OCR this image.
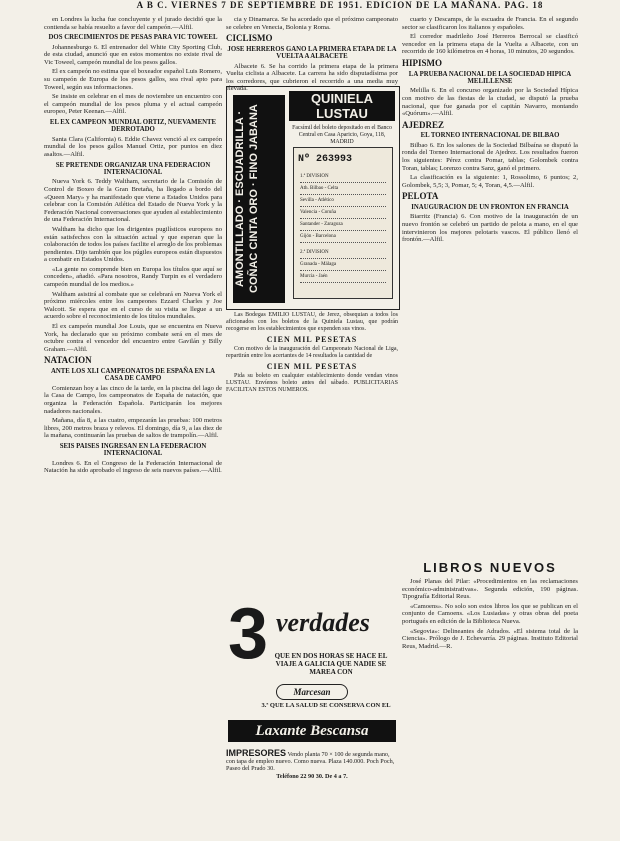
A B C. VIERNES 7 DE SEPTIEMBRE DE 1951. EDICION DE LA MAÑANA. PAG. 18

en Londres la lucha fue concluyente y el jurado decidió que la contienda se había resuelto a favor del campeón.—Alfil.

DOS CRECIMIENTOS DE PESAS PARA VIC TOWEEL

Johannesburgo 6. El entrenador del White City Sporting Club, de esta ciudad, anunció que en estos momentos no existe rival de Vic Toweel, campeón mundial de los pesos gallos.

El ex campeón no estima que el boxeador español Luis Romero, su campeón de Europa de los pesos gallos, sea rival apto para Toweel, según sus informaciones.

Se insiste en celebrar en el mes de noviembre un encuentro con el campeón mundial de los pesos pluma y el actual campeón europeo, Peter Keenan.—Alfil.

EL EX CAMPEON MUNDIAL ORTIZ, NUEVAMENTE DERROTADO

Santa Clara (California) 6. Eddie Chavez venció al ex campeón mundial de los pesos gallos Manuel Ortiz, por puntos en diez asaltos.—Alfil.

SE PRETENDE ORGANIZAR UNA FEDERACION INTERNACIONAL

Nueva York 6. Teddy Waltham, secretario de la Comisión de Control de Boxeo de la Gran Bretaña, ha llegado a bordo del «Queen Mary» y ha manifestado que viene a Estados Unidos para celebrar con la Comisión Atlética del Estado de Nueva York y la Federación Nacional conversaciones que ayuden al establecimiento de una Federación Internacional.

Waltham ha dicho que los dirigentes pugilísticos europeos no están satisfechos con la situación actual y que esperan que la colaboración de todos los países facilite el arreglo de los problemas pendientes. Dijo también que los púgiles europeos están dispuestos a combatir en Estados Unidos.

«La gente no comprende bien en Europa los títulos que aquí se conceden», añadió. «Para nosotros, Randy Turpin es el verdadero campeón mundial de los medios.»

Waltham asistirá al combate que se celebrará en Nueva York el próximo miércoles entre los campeones Ezzard Charles y Joe Walcott. Se espera que en el curso de su visita se llegue a un acuerdo sobre el reconocimiento de los títulos mundiales.

El ex campeón mundial Joe Louis, que se encuentra en Nueva York, ha declarado que su próximo combate será en el mes de octubre contra el vencedor del encuentro entre Gavilán y Billy Graham.—Alfil.

NATACION
ANTE LOS XLI CAMPEONATOS DE ESPAÑA EN LA CASA DE CAMPO

Comienzan hoy a las cinco de la tarde, en la piscina del lago de la Casa de Campo, los campeonatos de España de natación, que organiza la Federación Española. Participarán los mejores nadadores nacionales.

Mañana, día 8, a las cuatro, empezarán las pruebas: 100 metros libres, 200 metros braza y relevos. El domingo, día 9, a las diez de la mañana, continuarán las pruebas de saltos de trampolín.—Alfil.

SEIS PAISES INGRESAN EN LA FEDERACION INTERNACIONAL

Londres 6. En el Congreso de la Federación Internacional de Natación ha sido aprobado el ingreso de seis nuevos países.—Alfil.

cia y Dinamarca. Se ha acordado que el próximo campeonato se celebre en Venecia, Bolonia y Roma.

CICLISMO
JOSE HERREROS GANO LA PRIMERA ETAPA DE LA VUELTA A ALBACETE

Albacete 6. Se ha corrido la primera etapa de la primera Vuelta ciclista a Albacete. La carrera ha sido disputadísima por los corredores, que cubrieron el recorrido a una media muy elevada.

AMONTILLADO · ESCUADRILLA · COÑAC CINTA ORO · FINO JABANA
QUINIELA LUSTAU
Facsímil del boleto depositado en el Banco Central en Casa Aparicio, Goya, 118, MADRID
Nº 263993
1.ª DIVISION
Ath. Bilbao - Celta
Sevilla - Atlético
Valencia - Coruña
Santander - Zaragoza
Gijón - Barcelona
2.ª DIVISION
Granada - Málaga
Murcia - Jaén

Las Bodegas EMILIO LUSTAU, de Jerez, obsequian a todos los aficionados con los boletos de la Quiniela Lustau, que podrán recogerse en los establecimientos que expenden sus vinos.

CIEN MIL PESETAS

Con motivo de la inauguración del Campeonato Nacional de Liga, repartirán entre los acertantes de 14 resultados la cantidad de

CIEN MIL PESETAS

Pida su boleto en cualquier establecimiento donde vendan vinos LUSTAU. Envíenos boleto antes del sábado. PUBLICITARIAS FACILITAN ESTOS NUMEROS.

3 verdades
QUE EN DOS HORAS SE HACE EL VIAJE A GALICIA QUE NADIE SE MAREA CON
Marcesan
3.ª QUE LA SALUD SE CONSERVA CON EL
Laxante Bescansa
IMPRESORES Vendo planta 70 × 100 de segunda mano, con tapa de empleo nuevo. Como nueva. Plaza 140.000. Poch Poch, Paseo del Prado 30.
Teléfono 22 90 30. De 4 a 7.

cuarto y Descamps, de la escuadra de Francia. En el segundo sector se clasificaron los italianos y españoles.

El corredor madrileño José Herreros Berrocal se clasificó vencedor en la primera etapa de la Vuelta a Albacete, con un recorrido de 160 kilómetros en 4 horas, 10 minutos, 20 segundos.

HIPISMO
LA PRUEBA NACIONAL DE LA SOCIEDAD HIPICA MELILLENSE

Melilla 6. En el concurso organizado por la Sociedad Hípica con motivo de las fiestas de la ciudad, se disputó la prueba nacional, que fue ganada por el capitán Navarro, montando «Quórum».—Alfil.

AJEDREZ
EL TORNEO INTERNACIONAL DE BILBAO

Bilbao 6. En los salones de la Sociedad Bilbaína se disputó la ronda del Torneo Internacional de Ajedrez. Los resultados fueron los siguientes: Pérez contra Pomar, tablas; Golombek contra Toran, tablas; Lorenzo contra Sanz, ganó el primero.

La clasificación es la siguiente: 1, Rossolimo, 6 puntos; 2, Golombek, 5,5; 3, Pomar, 5; 4, Toran, 4,5.—Alfil.

PELOTA
INAUGURACION DE UN FRONTON EN FRANCIA

Biarritz (Francia) 6. Con motivo de la inauguración de un nuevo frontón se celebró un partido de pelota a mano, en el que intervinieron los mejores pelotaris vascos. El público llenó el frontón.—Alfil.

LIBROS NUEVOS

José Planas del Pilar: «Procedimientos en las reclamaciones económico-administrativas». Segunda edición, 190 páginas. Tipografía Editorial Reus.

«Camoens». No solo son estos libros los que se publican en el conjunto de Camoens. «Los Lusiadas» y otras obras del poeta portugués en edición de la Biblioteca Nueva.

«Segovia»: Delineantes de Adrados. «El sistema total de la Ciencia». Prólogo de J. Echevarría. 29 páginas. Instituto Editorial Reus, Madrid.—R.
